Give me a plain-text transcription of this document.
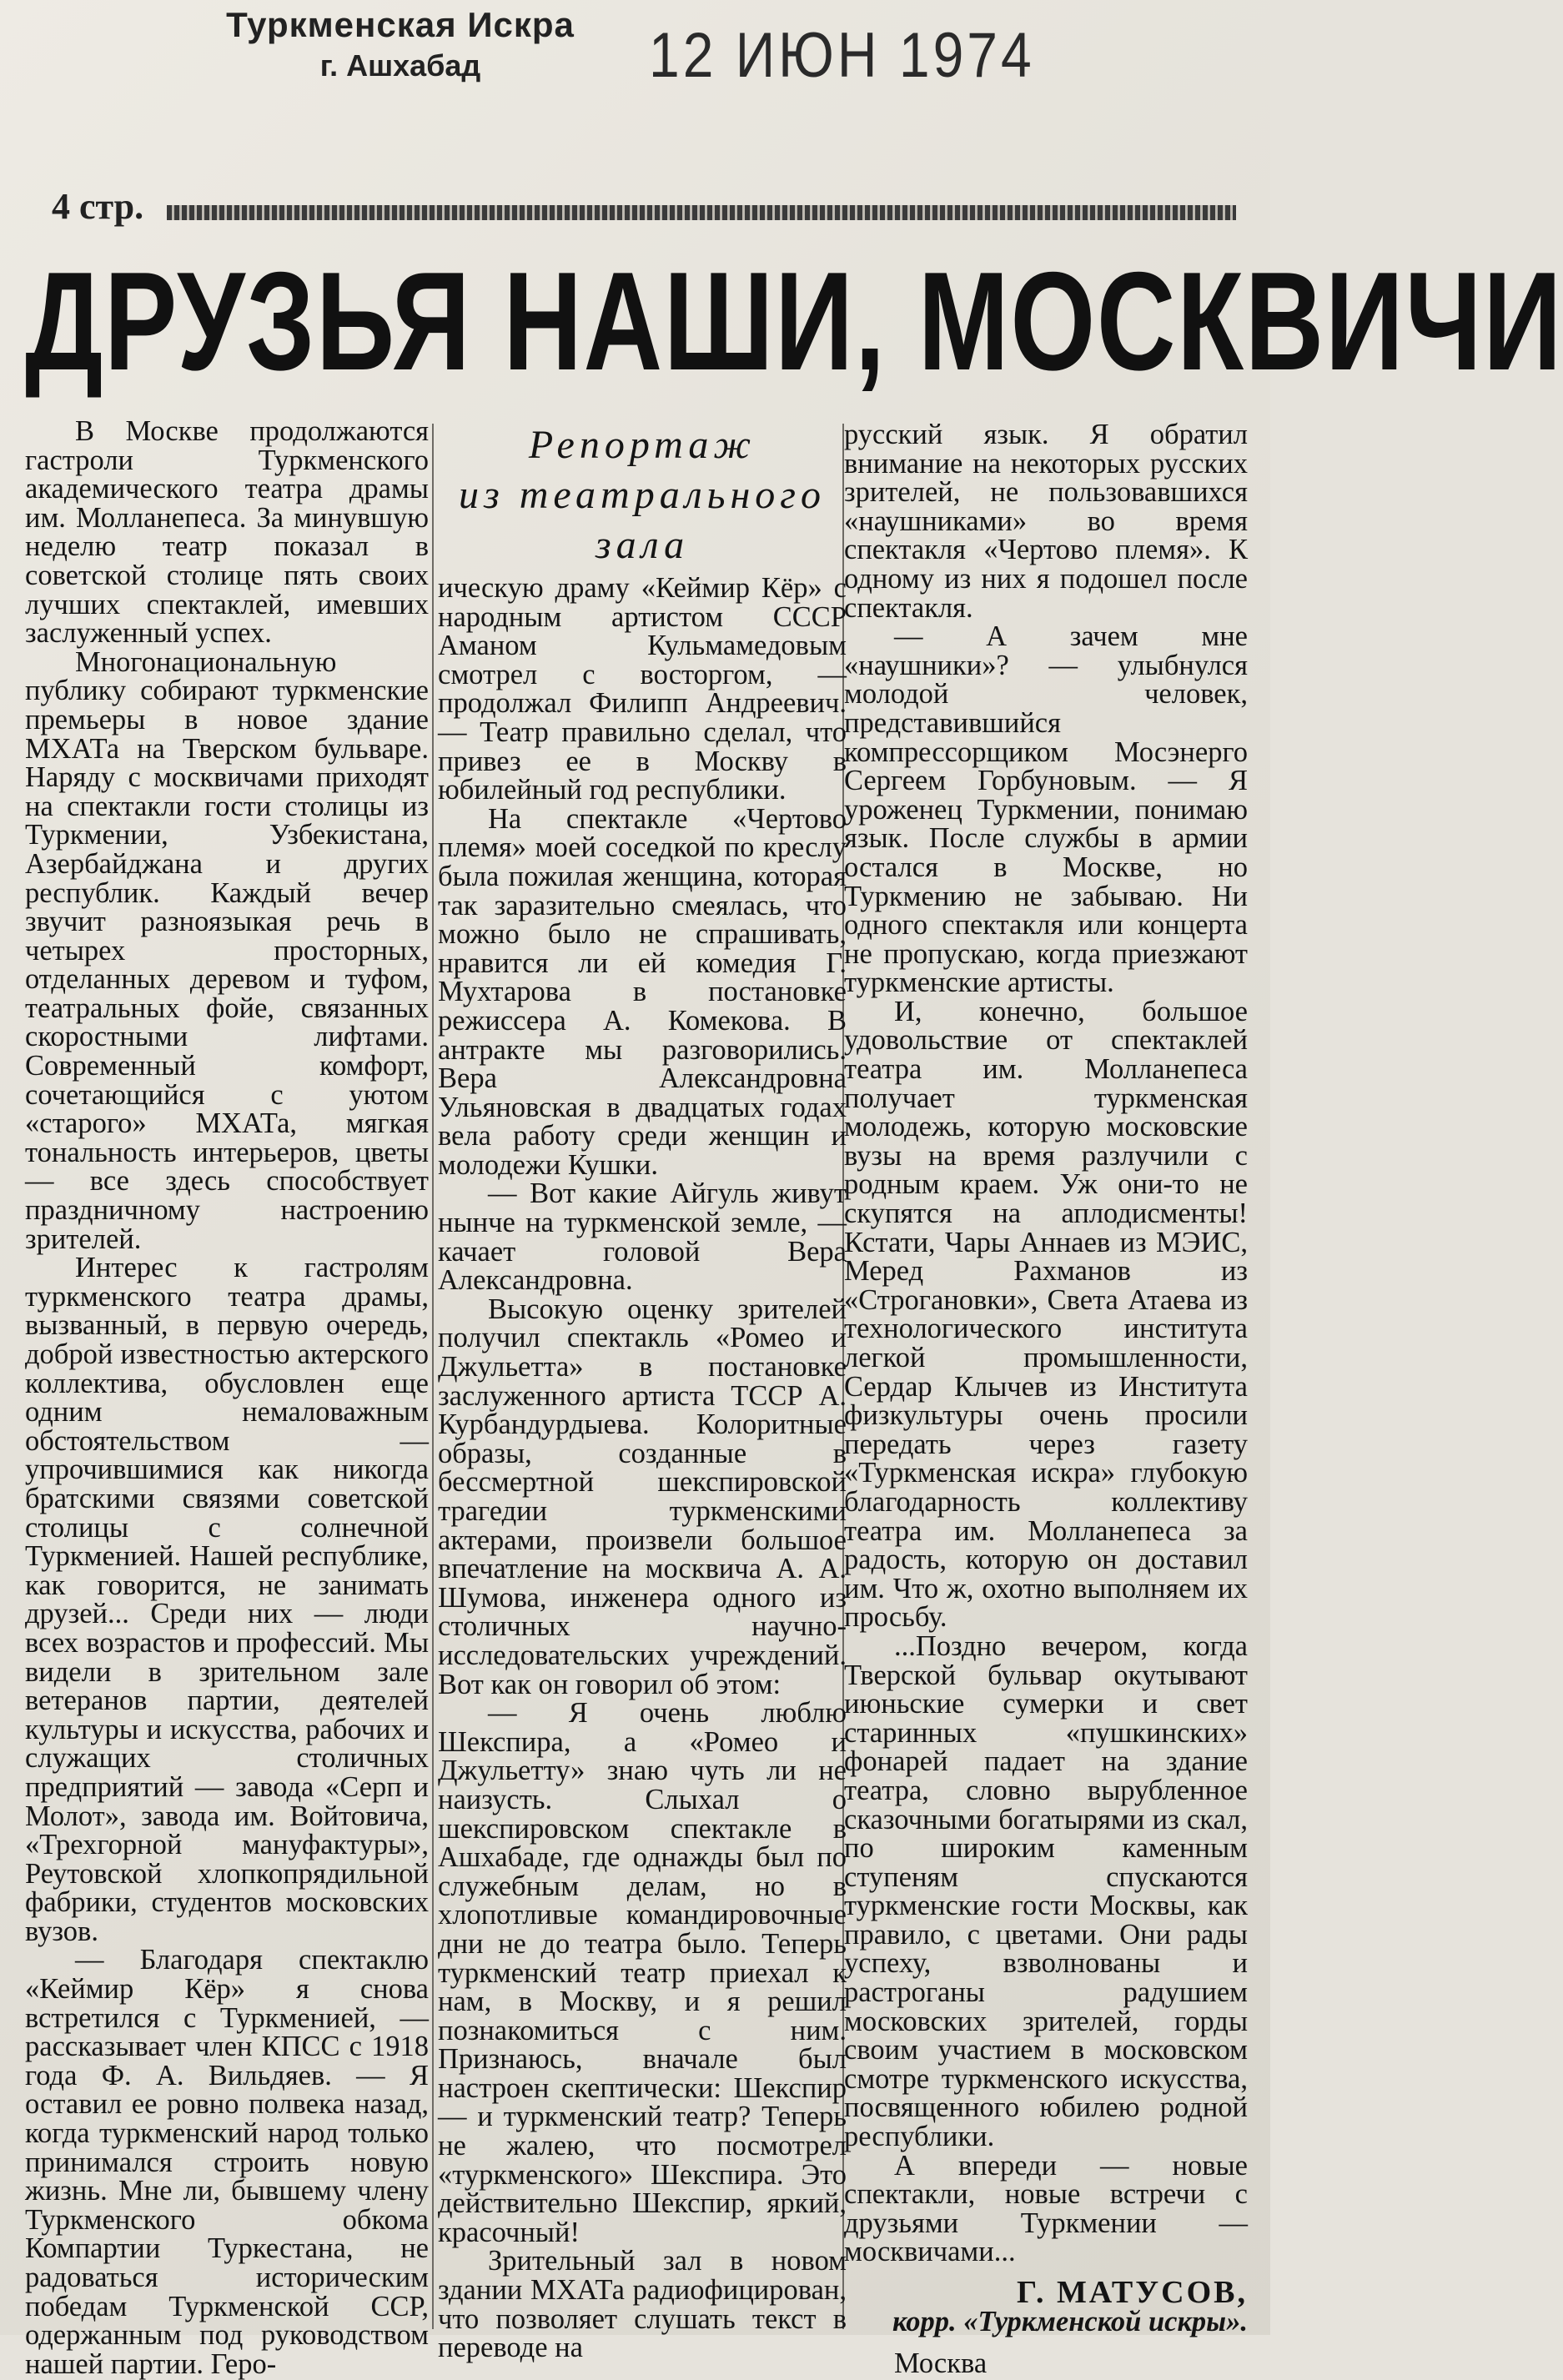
Туркменская Искра
г. Ашхабад	12 ИЮН 1974
4 стр.
ДРУЗЬЯ НАШИ, МОСКВИЧИ

В Москве продолжаются гастроли Туркменского академического театра драмы им. Молланепеса. За минувшую неделю театр показал в советской столице пять своих лучших спектаклей, имевших заслуженный успех.

Многонациональную публику собирают туркменские премьеры в новое здание МХАТа на Тверском бульваре. Наряду с москвичами приходят на спектакли гости столицы из Туркмении, Узбекистана, Азербайджана и других республик. Каждый вечер звучит разноязыкая речь в четырех просторных, отделанных деревом и туфом, театральных фойе, связанных скоростными лифтами. Современный комфорт, сочетающийся с уютом «старого» МХАТа, мягкая тональность интерьеров, цветы — все здесь способствует праздничному настроению зрителей.

Интерес к гастролям туркменского театра драмы, вызванный, в первую очередь, доброй известностью актерского коллектива, обусловлен еще одним немаловажным обстоятельством — упрочившимися как никогда братскими связями советской столицы с солнечной Туркменией. Нашей республике, как говорится, не занимать друзей... Среди них — люди всех возрастов и профессий. Мы видели в зрительном зале ветеранов партии, деятелей культуры и искусства, рабочих и служащих столичных предприятий — завода «Серп и Молот», завода им. Войтовича, «Трехгорной мануфактуры», Реутовской хлопкопрядильной фабрики, студентов московских вузов.

— Благодаря спектаклю «Кеймир Кёр» я снова встретился с Туркменией, — рассказывает член КПСС с 1918 года Ф. А. Вильдяев. — Я оставил ее ровно полвека назад, когда туркменский народ только принимался строить новую жизнь. Мне ли, бывшему члену Туркменского обкома Компартии Туркестана, не радоваться историческим победам Туркменской ССР, одержанным под руководством нашей партии. Геро-

Репортаж
из театрального
зала

ическую драму «Кеймир Кёр» с народным артистом СССР Аманом Кульмамедовым смотрел с восторгом, — продолжал Филипп Андреевич. — Театр правильно сделал, что привез ее в Москву в юбилейный год республики.

На спектакле «Чертово племя» моей соседкой по креслу была пожилая женщина, которая так заразительно смеялась, что можно было не спрашивать, нравится ли ей комедия Г. Мухтарова в постановке режиссера А. Комекова. В антракте мы разговорились. Вера Александровна Ульяновская в двадцатых годах вела работу среди женщин и молодежи Кушки.

— Вот какие Айгуль живут нынче на туркменской земле, — качает головой Вера Александровна.

Высокую оценку зрителей получил спектакль «Ромео и Джульетта» в постановке заслуженного артиста ТССР А. Курбандурдыева. Колоритные образы, созданные в бессмертной шекспировской трагедии туркменскими актерами, произвели большое впечатление на москвича А. А. Шумова, инженера одного из столичных научно-исследовательских учреждений. Вот как он говорил об этом:

— Я очень люблю Шекспира, а «Ромео и Джульетту» знаю чуть ли не наизусть. Слыхал о шекспировском спектакле в Ашхабаде, где однажды был по служебным делам, но в хлопотливые командировочные дни не до театра было. Теперь туркменский театр приехал к нам, в Москву, и я решил познакомиться с ним. Признаюсь, вначале был настроен скептически: Шекспир — и туркменский театр? Теперь не жалею, что посмотрел «туркменского» Шекспира. Это действительно Шекспир, яркий, красочный!

Зрительный зал в новом здании МХАТа радиофицирован, что позволяет слушать текст в переводе на

русский язык. Я обратил внимание на некоторых русских зрителей, не пользовавшихся «наушниками» во время спектакля «Чертово племя». К одному из них я подошел после спектакля.

— А зачем мне «наушники»? — улыбнулся молодой человек, представившийся компрессорщиком Мосэнерго Сергеем Горбуновым. — Я уроженец Туркмении, понимаю язык. После службы в армии остался в Москве, но Туркмению не забываю. Ни одного спектакля или концерта не пропускаю, когда приезжают туркменские артисты.

И, конечно, большое удовольствие от спектаклей театра им. Молланепеса получает туркменская молодежь, которую московские вузы на время разлучили с родным краем. Уж они-то не скупятся на аплодисменты! Кстати, Чары Аннаев из МЭИС, Меред Рахманов из «Строгановки», Света Атаева из технологического института легкой промышленности, Сердар Клычев из Института физкультуры очень просили передать через газету «Туркменская искра» глубокую благодарность коллективу театра им. Молланепеса за радость, которую он доставил им. Что ж, охотно выполняем их просьбу.

...Поздно вечером, когда Тверской бульвар окутывают июньские сумерки и свет старинных «пушкинских» фонарей падает на здание театра, словно вырубленное сказочными богатырями из скал, по широким каменным ступеням спускаются туркменские гости Москвы, как правило, с цветами. Они рады успеху, взволнованы и растроганы радушием московских зрителей, горды своим участием в московском смотре туркменского искусства, посвященного юбилею родной республики.

А впереди — новые спектакли, новые встречи с друзьями Туркмении — москвичами...

Г. МАТУСОВ,
корр. «Туркменской искры».
Москва
